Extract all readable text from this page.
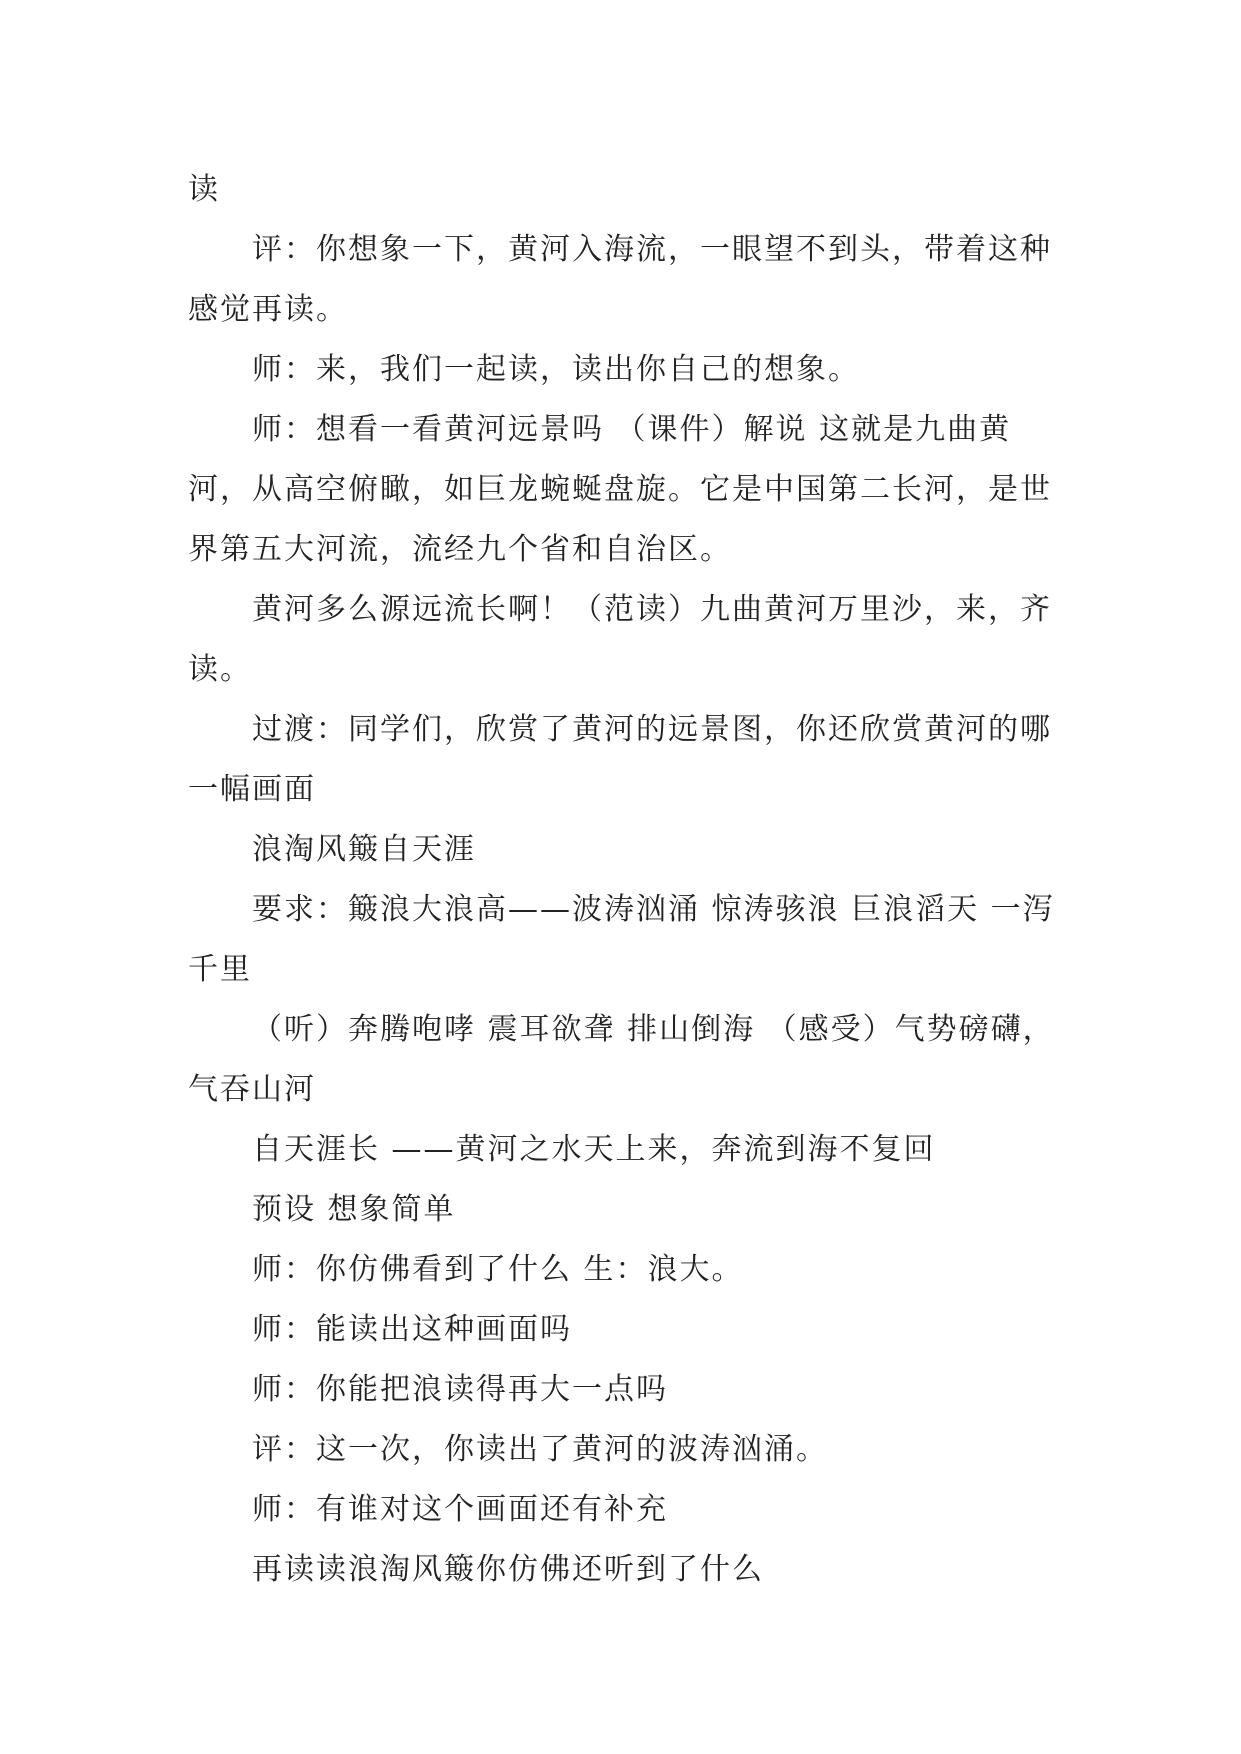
读

评：你想象一下，黄河入海流，一眼望不到头，带着这种感觉再读。

师：来，我们一起读，读出你自己的想象。

师：想看一看黄河远景吗 （课件）解说 这就是九曲黄河，从高空俯瞰，如巨龙蜿蜒盘旋。它是中国第二长河，是世界第五大河流，流经九个省和自治区。

黄河多么源远流长啊！（范读）九曲黄河万里沙，来，齐读。

过渡：同学们，欣赏了黄河的远景图，你还欣赏黄河的哪一幅画面

浪淘风簸自天涯

要求：簸浪大浪高——波涛汹涌 惊涛骇浪 巨浪滔天 一泻千里

（听）奔腾咆哮 震耳欲聋 排山倒海 （感受）气势磅礴，气吞山河

自天涯长 ——黄河之水天上来，奔流到海不复回

预设 想象简单

师：你仿佛看到了什么 生：浪大。

师：能读出这种画面吗

师：你能把浪读得再大一点吗

评：这一次，你读出了黄河的波涛汹涌。

师：有谁对这个画面还有补充

再读读浪淘风簸你仿佛还听到了什么
